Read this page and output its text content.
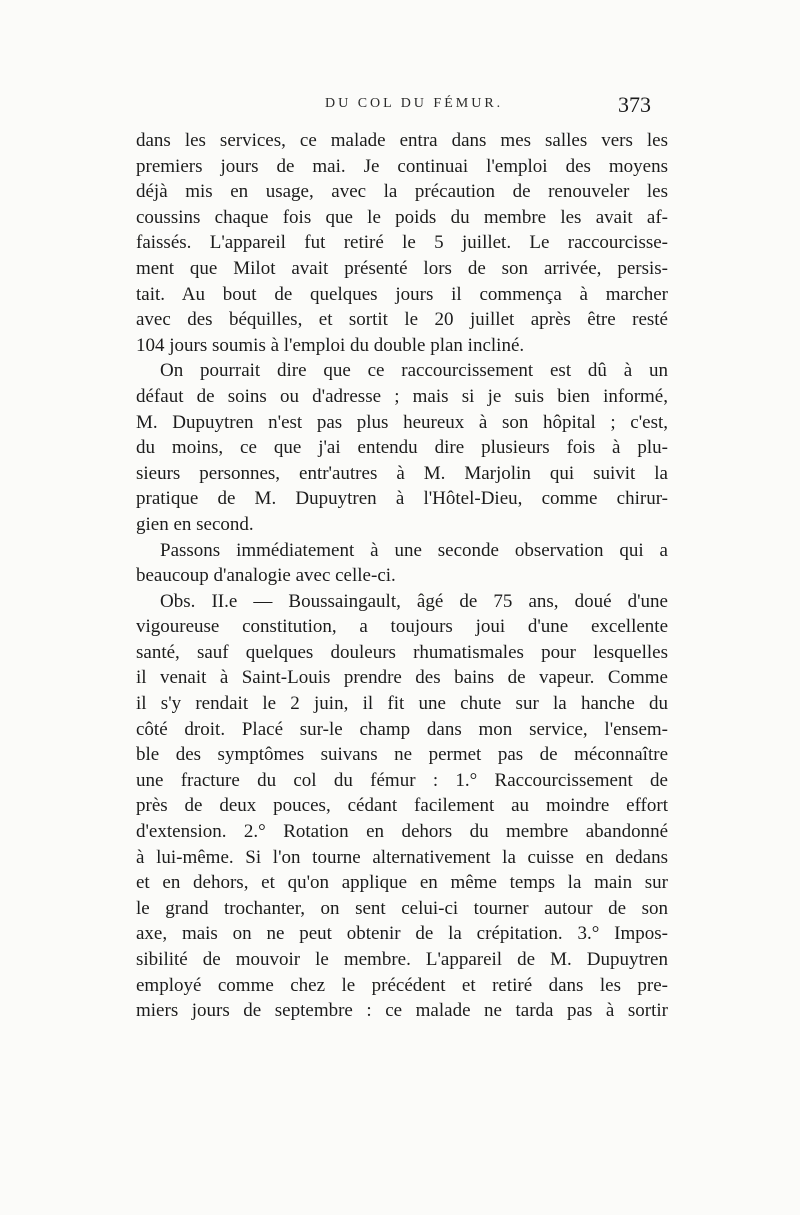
DU COL DU FÉMUR.	373
dans les services, ce malade entra dans mes salles vers les
premiers jours de mai. Je continuai l'emploi des moyens
déjà mis en usage, avec la précaution de renouveler les
coussins chaque fois que le poids du membre les avait af-
faissés. L'appareil fut retiré le 5 juillet. Le raccourcisse-
ment que Milot avait présenté lors de son arrivée, persis-
tait. Au bout de quelques jours il commença à marcher
avec des béquilles, et sortit le 20 juillet après être resté
104 jours soumis à l'emploi du double plan incliné.
On pourrait dire que ce raccourcissement est dû à un
défaut de soins ou d'adresse ; mais si je suis bien informé,
M. Dupuytren n'est pas plus heureux à son hôpital ; c'est,
du moins, ce que j'ai entendu dire plusieurs fois à plu-
sieurs personnes, entr'autres à M. Marjolin qui suivit la
pratique de M. Dupuytren à l'Hôtel-Dieu, comme chirur-
gien en second.
Passons immédiatement à une seconde observation qui a
beaucoup d'analogie avec celle-ci.
Obs. II.e — Boussaingault, âgé de 75 ans, doué d'une
vigoureuse constitution, a toujours joui d'une excellente
santé, sauf quelques douleurs rhumatismales pour lesquelles
il venait à Saint-Louis prendre des bains de vapeur. Comme
il s'y rendait le 2 juin, il fit une chute sur la hanche du
côté droit. Placé sur-le champ dans mon service, l'ensem-
ble des symptômes suivans ne permet pas de méconnaître
une fracture du col du fémur : 1.° Raccourcissement de
près de deux pouces, cédant facilement au moindre effort
d'extension. 2.° Rotation en dehors du membre abandonné
à lui-même. Si l'on tourne alternativement la cuisse en dedans
et en dehors, et qu'on applique en même temps la main sur
le grand trochanter, on sent celui-ci tourner autour de son
axe, mais on ne peut obtenir de la crépitation. 3.° Impos-
sibilité de mouvoir le membre. L'appareil de M. Dupuytren
employé comme chez le précédent et retiré dans les pre-
miers jours de septembre : ce malade ne tarda pas à sortir
